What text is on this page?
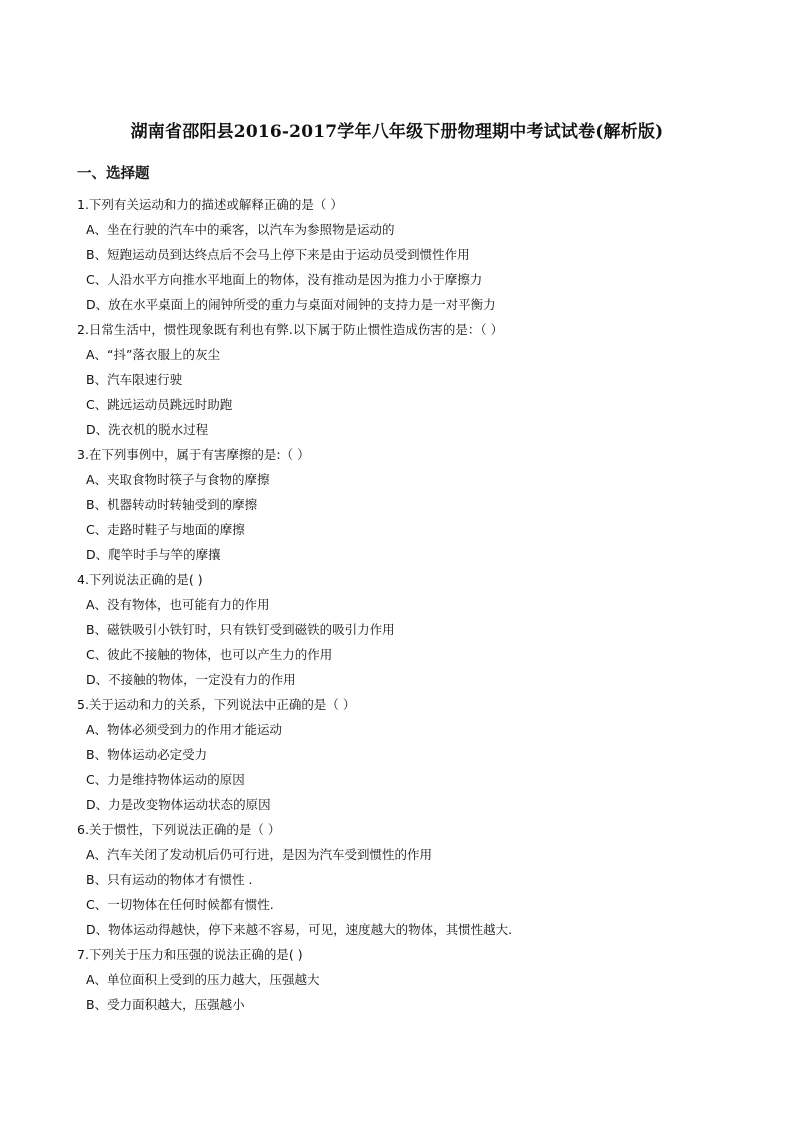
湖南省邵阳县2016-2017学年八年级下册物理期中考试试卷(解析版)
一、选择题
1.下列有关运动和力的描述或解释正确的是（ ）
A、坐在行驶的汽车中的乘客，以汽车为参照物是运动的
B、短跑运动员到达终点后不会马上停下来是由于运动员受到惯性作用
C、人沿水平方向推水平地面上的物体，没有推动是因为推力小于摩擦力
D、放在水平桌面上的闹钟所受的重力与桌面对闹钟的支持力是一对平衡力
2.日常生活中，惯性现象既有利也有弊.以下属于防止惯性造成伤害的是：（ ）
A、“抖”落衣服上的灰尘
B、汽车限速行驶
C、跳远运动员跳远时助跑
D、洗衣机的脱水过程
3.在下列事例中，属于有害摩擦的是:（ ）
A、夹取食物时筷子与食物的摩擦
B、机器转动时转轴受到的摩擦
C、走路时鞋子与地面的摩擦
D、爬竿时手与竿的摩攘
4.下列说法正确的是( )
A、没有物体，也可能有力的作用
B、磁铁吸引小铁钉时，只有铁钉受到磁铁的吸引力作用
C、彼此不接触的物体，也可以产生力的作用
D、不接触的物体，一定没有力的作用
5.关于运动和力的关系，下列说法中正确的是（ ）
A、物体必须受到力的作用才能运动
B、物体运动必定受力
C、力是维持物体运动的原因
D、力是改变物体运动状态的原因
6.关于惯性，下列说法正确的是（ ）
A、汽车关闭了发动机后仍可行进，是因为汽车受到惯性的作用
B、只有运动的物体才有惯性 .
C、一切物体在任何时候都有惯性.
D、物体运动得越快，停下来越不容易，可见，速度越大的物体，其惯性越大.
7.下列关于压力和压强的说法正确的是( )
A、单位面积上受到的压力越大，压强越大
B、受力面积越大，压强越小
